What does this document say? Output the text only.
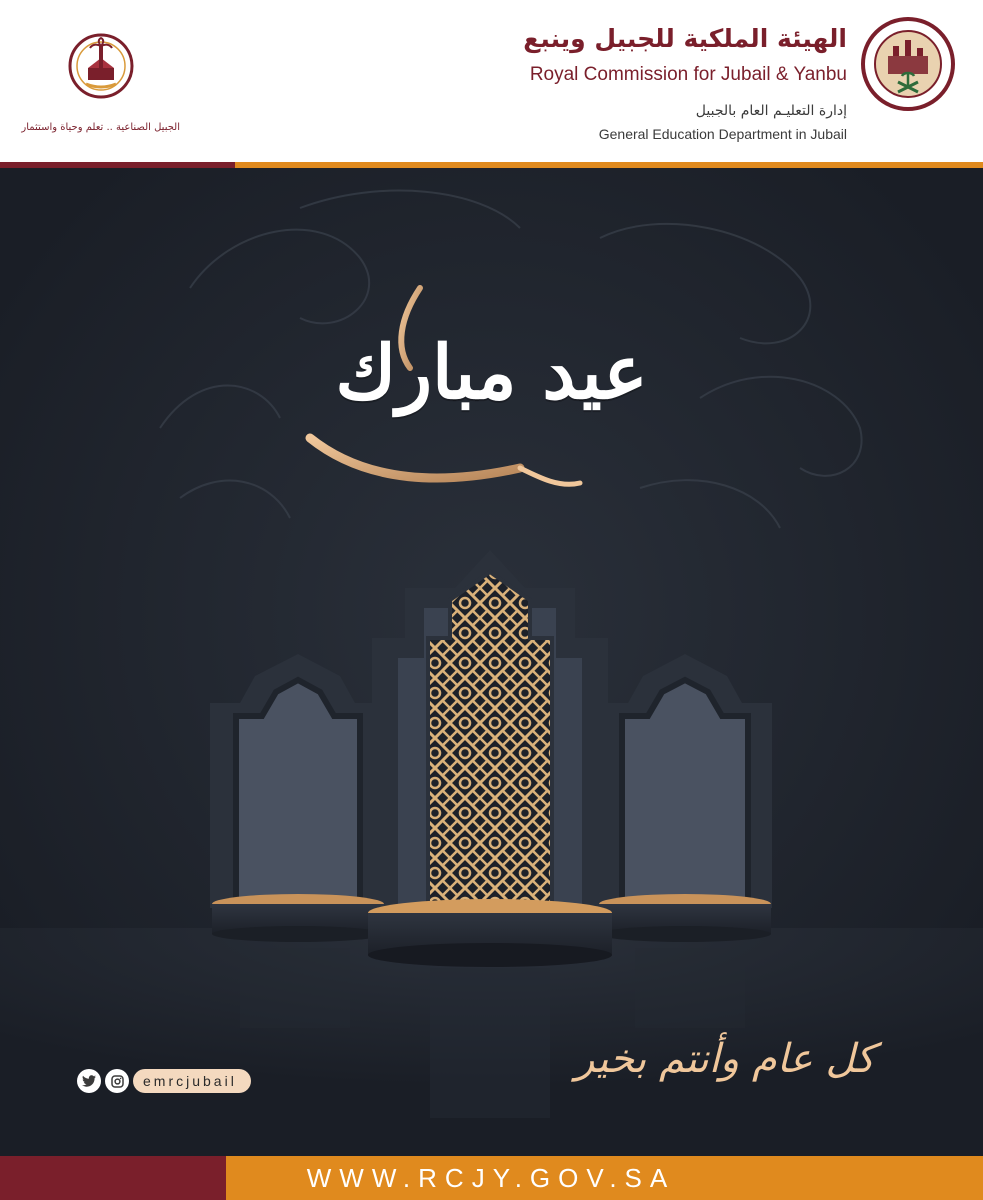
الجبيل الصناعية .. تعلم وحياة واستثمار
الهيئة الملكية للجبيل وينبع
Royal Commission for Jubail & Yanbu
إدارة التعليـم العام بالجبيل
General Education Department in Jubail
عيد مبارك
كل عام وأنتم بخير
emrcjubail
WWW.RCJY.GOV.SA
